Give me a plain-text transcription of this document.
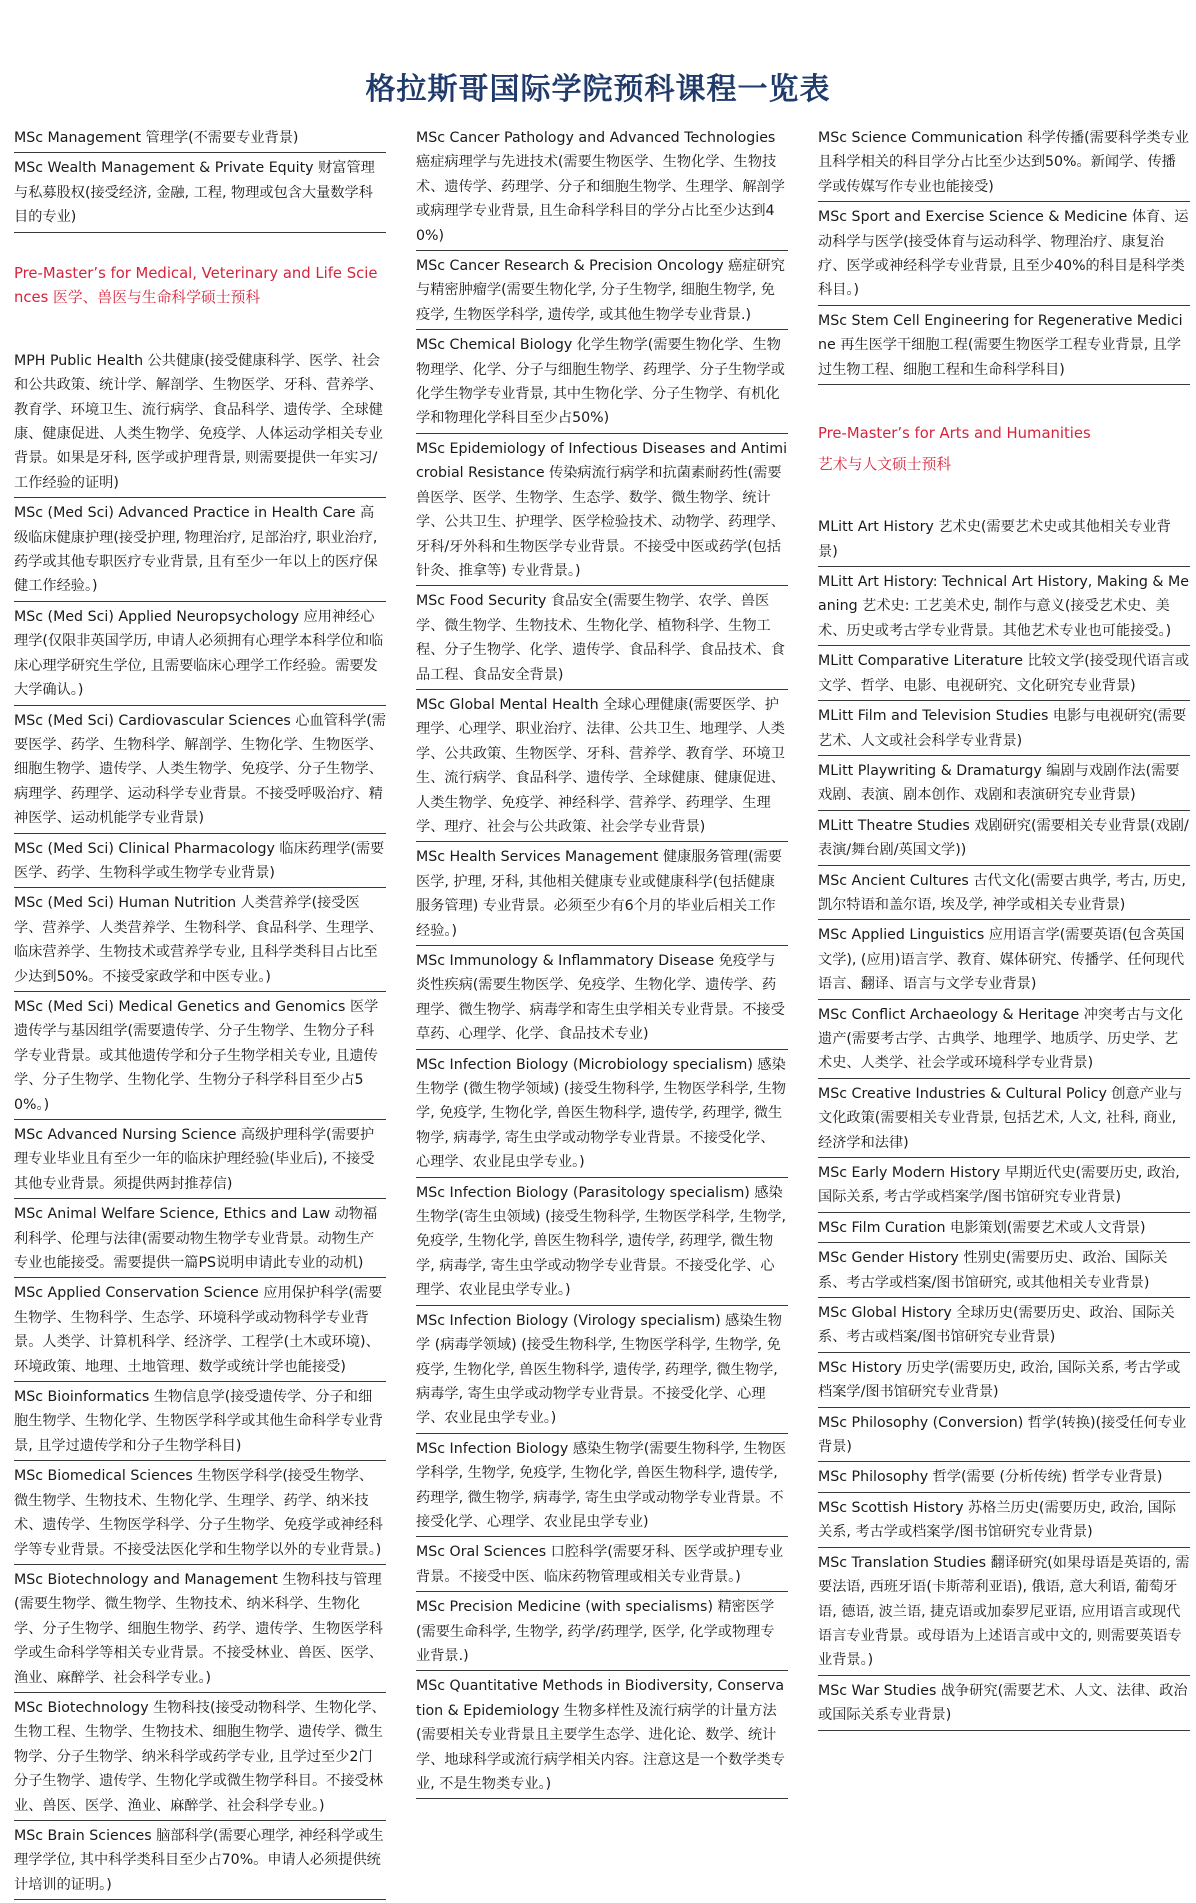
格拉斯哥国际学院预科课程一览表
MSc Management 管理学(不需要专业背景)
MSc Wealth Management & Private Equity 财富管理与私募股权(接受经济, 金融, 工程, 物理或包含大量数学科目的专业)
Pre-Master’s for Medical, Veterinary and Life Sciences 医学、兽医与生命科学硕士预科
MPH Public Health 公共健康(接受健康科学、医学、社会和公共政策、统计学、解剖学、生物医学、牙科、营养学、教育学、环境卫生、流行病学、食品科学、遗传学、全球健康、健康促进、人类生物学、免疫学、人体运动学相关专业背景。如果是牙科, 医学或护理背景, 则需要提供一年实习/工作经验的证明)
MSc (Med Sci) Advanced Practice in Health Care 高级临床健康护理(接受护理, 物理治疗, 足部治疗, 职业治疗, 药学或其他专职医疗专业背景, 且有至少一年以上的医疗保健工作经验。)
MSc (Med Sci) Applied Neuropsychology 应用神经心理学(仅限非英国学历, 申请人必须拥有心理学本科学位和临床心理学研究生学位, 且需要临床心理学工作经验。需要发大学确认。)
MSc (Med Sci) Cardiovascular Sciences 心血管科学(需要医学、药学、生物科学、解剖学、生物化学、生物医学、细胞生物学、遗传学、人类生物学、免疫学、分子生物学、病理学、药理学、运动科学专业背景。不接受呼吸治疗、精神医学、运动机能学专业背景)
MSc (Med Sci) Clinical Pharmacology 临床药理学(需要医学、药学、生物科学或生物学专业背景)
MSc (Med Sci) Human Nutrition 人类营养学(接受医学、营养学、人类营养学、生物科学、食品科学、生理学、临床营养学、生物技术或营养学专业, 且科学类科目占比至少达到50%。不接受家政学和中医专业。)
MSc (Med Sci) Medical Genetics and Genomics 医学遗传学与基因组学(需要遗传学、分子生物学、生物分子科学专业背景。或其他遗传学和分子生物学相关专业, 且遗传学、分子生物学、生物化学、生物分子科学科目至少占50%。)
MSc Advanced Nursing Science 高级护理科学(需要护理专业毕业且有至少一年的临床护理经验(毕业后), 不接受其他专业背景。须提供两封推荐信)
MSc Animal Welfare Science, Ethics and Law 动物福利科学、伦理与法律(需要动物生物学专业背景。动物生产专业也能接受。需要提供一篇PS说明申请此专业的动机)
MSc Applied Conservation Science 应用保护科学(需要生物学、生物科学、生态学、环境科学或动物科学专业背景。人类学、计算机科学、经济学、工程学(土木或环境)、环境政策、地理、土地管理、数学或统计学也能接受)
MSc Bioinformatics 生物信息学(接受遗传学、分子和细胞生物学、生物化学、生物医学科学或其他生命科学专业背景, 且学过遗传学和分子生物学科目)
MSc Biomedical Sciences 生物医学科学(接受生物学、微生物学、生物技术、生物化学、生理学、药学、纳米技术、遗传学、生物医学科学、分子生物学、免疫学或神经科学等专业背景。不接受法医化学和生物学以外的专业背景。)
MSc Biotechnology and Management 生物科技与管理(需要生物学、微生物学、生物技术、纳米科学、生物化学、分子生物学、细胞生物学、药学、遗传学、生物医学科学或生命科学等相关专业背景。不接受林业、兽医、医学、渔业、麻醉学、社会科学专业。)
MSc Biotechnology 生物科技(接受动物科学、生物化学、生物工程、生物学、生物技术、细胞生物学、遗传学、微生物学、分子生物学、纳米科学或药学专业, 且学过至少2门分子生物学、遗传学、生物化学或微生物学科目。不接受林业、兽医、医学、渔业、麻醉学、社会科学专业。)
MSc Brain Sciences 脑部科学(需要心理学, 神经科学或生理学学位, 其中科学类科目至少占70%。申请人必须提供统计培训的证明。)
MSc Cancer Pathology and Advanced Technologies 癌症病理学与先进技术(需要生物医学、生物化学、生物技术、遗传学、药理学、分子和细胞生物学、生理学、解剖学或病理学专业背景, 且生命科学科目的学分占比至少达到40%)
MSc Cancer Research & Precision Oncology 癌症研究与精密肿瘤学(需要生物化学, 分子生物学, 细胞生物学, 免疫学, 生物医学科学, 遗传学, 或其他生物学专业背景.)
MSc Chemical Biology 化学生物学(需要生物化学、生物物理学、化学、分子与细胞生物学、药理学、分子生物学或化学生物学专业背景, 其中生物化学、分子生物学、有机化学和物理化学科目至少占50%)
MSc Epidemiology of Infectious Diseases and Antimicrobial Resistance 传染病流行病学和抗菌素耐药性(需要兽医学、医学、生物学、生态学、数学、微生物学、统计学、公共卫生、护理学、医学检验技术、动物学、药理学、牙科/牙外科和生物医学专业背景。不接受中医或药学(包括针灸、推拿等) 专业背景。)
MSc Food Security 食品安全(需要生物学、农学、兽医学、微生物学、生物技术、生物化学、植物科学、生物工程、分子生物学、化学、遗传学、食品科学、食品技术、食品工程、食品安全背景)
MSc Global Mental Health 全球心理健康(需要医学、护理学、心理学、职业治疗、法律、公共卫生、地理学、人类学、公共政策、生物医学、牙科、营养学、教育学、环境卫生、流行病学、食品科学、遗传学、全球健康、健康促进、人类生物学、免疫学、神经科学、营养学、药理学、生理学、理疗、社会与公共政策、社会学专业背景)
MSc Health Services Management 健康服务管理(需要医学, 护理, 牙科, 其他相关健康专业或健康科学(包括健康服务管理) 专业背景。必须至少有6个月的毕业后相关工作经验。)
MSc Immunology & Inflammatory Disease 免疫学与炎性疾病(需要生物医学、免疫学、生物化学、遗传学、药理学、微生物学、病毒学和寄生虫学相关专业背景。不接受草药、心理学、化学、食品技术专业)
MSc Infection Biology (Microbiology specialism) 感染生物学 (微生物学领域) (接受生物科学, 生物医学科学, 生物学, 免疫学, 生物化学, 兽医生物科学, 遗传学, 药理学, 微生物学, 病毒学, 寄生虫学或动物学专业背景。不接受化学、心理学、农业昆虫学专业。)
MSc Infection Biology (Parasitology specialism) 感染生物学(寄生虫领域) (接受生物科学, 生物医学科学, 生物学, 免疫学, 生物化学, 兽医生物科学, 遗传学, 药理学, 微生物学, 病毒学, 寄生虫学或动物学专业背景。不接受化学、心理学、农业昆虫学专业。)
MSc Infection Biology (Virology specialism) 感染生物学 (病毒学领域) (接受生物科学, 生物医学科学, 生物学, 免疫学, 生物化学, 兽医生物科学, 遗传学, 药理学, 微生物学, 病毒学, 寄生虫学或动物学专业背景。不接受化学、心理学、农业昆虫学专业。)
MSc Infection Biology 感染生物学(需要生物科学, 生物医学科学, 生物学, 免疫学, 生物化学, 兽医生物科学, 遗传学, 药理学, 微生物学, 病毒学, 寄生虫学或动物学专业背景。不接受化学、心理学、农业昆虫学专业)
MSc Oral Sciences 口腔科学(需要牙科、医学或护理专业背景。不接受中医、临床药物管理或相关专业背景。)
MSc Precision Medicine (with specialisms) 精密医学 (需要生命科学, 生物学, 药学/药理学, 医学, 化学或物理专业背景.)
MSc Quantitative Methods in Biodiversity, Conservation & Epidemiology 生物多样性及流行病学的计量方法(需要相关专业背景且主要学生态学、进化论、数学、统计学、地球科学或流行病学相关内容。注意这是一个数学类专业, 不是生物类专业。)
MSc Science Communication 科学传播(需要科学类专业且科学相关的科目学分占比至少达到50%。新闻学、传播学或传媒写作专业也能接受)
MSc Sport and Exercise Science & Medicine 体育、运动科学与医学(接受体育与运动科学、物理治疗、康复治疗、医学或神经科学专业背景, 且至少40%的科目是科学类科目。)
MSc Stem Cell Engineering for Regenerative Medicine 再生医学干细胞工程(需要生物医学工程专业背景, 且学过生物工程、细胞工程和生命科学科目)
Pre-Master’s for Arts and Humanities
艺术与人文硕士预科
MLitt Art History 艺术史(需要艺术史或其他相关专业背景)
MLitt Art History: Technical Art History, Making & Meaning 艺术史: 工艺美术史, 制作与意义(接受艺术史、美术、历史或考古学专业背景。其他艺术专业也可能接受。)
MLitt Comparative Literature 比较文学(接受现代语言或文学、哲学、电影、电视研究、文化研究专业背景)
MLitt Film and Television Studies 电影与电视研究(需要艺术、人文或社会科学专业背景)
MLitt Playwriting & Dramaturgy 编剧与戏剧作法(需要戏剧、表演、剧本创作、戏剧和表演研究专业背景)
MLitt Theatre Studies 戏剧研究(需要相关专业背景(戏剧/表演/舞台剧/英国文学))
MSc Ancient Cultures 古代文化(需要古典学, 考古, 历史, 凯尔特语和盖尔语, 埃及学, 神学或相关专业背景)
MSc Applied Linguistics 应用语言学(需要英语(包含英国文学), (应用)语言学、教育、媒体研究、传播学、任何现代语言、翻译、语言与文学专业背景)
MSc Conflict Archaeology & Heritage 冲突考古与文化遗产(需要考古学、古典学、地理学、地质学、历史学、艺术史、人类学、社会学或环境科学专业背景)
MSc Creative Industries & Cultural Policy 创意产业与文化政策(需要相关专业背景, 包括艺术, 人文, 社科, 商业, 经济学和法律)
MSc Early Modern History 早期近代史(需要历史, 政治, 国际关系, 考古学或档案学/图书馆研究专业背景)
MSc Film Curation 电影策划(需要艺术或人文背景)
MSc Gender History 性别史(需要历史、政治、国际关系、考古学或档案/图书馆研究, 或其他相关专业背景)
MSc Global History 全球历史(需要历史、政治、国际关系、考古或档案/图书馆研究专业背景)
MSc History 历史学(需要历史, 政治, 国际关系, 考古学或档案学/图书馆研究专业背景)
MSc Philosophy (Conversion) 哲学(转换)(接受任何专业背景)
MSc Philosophy 哲学(需要 (分析传统) 哲学专业背景)
MSc Scottish History 苏格兰历史(需要历史, 政治, 国际关系, 考古学或档案学/图书馆研究专业背景)
MSc Translation Studies 翻译研究(如果母语是英语的, 需要法语, 西班牙语(卡斯蒂利亚语), 俄语, 意大利语, 葡萄牙语, 德语, 波兰语, 捷克语或加泰罗尼亚语, 应用语言或现代语言专业背景。或母语为上述语言或中文的, 则需要英语专业背景。)
MSc War Studies 战争研究(需要艺术、人文、法律、政治或国际关系专业背景)
